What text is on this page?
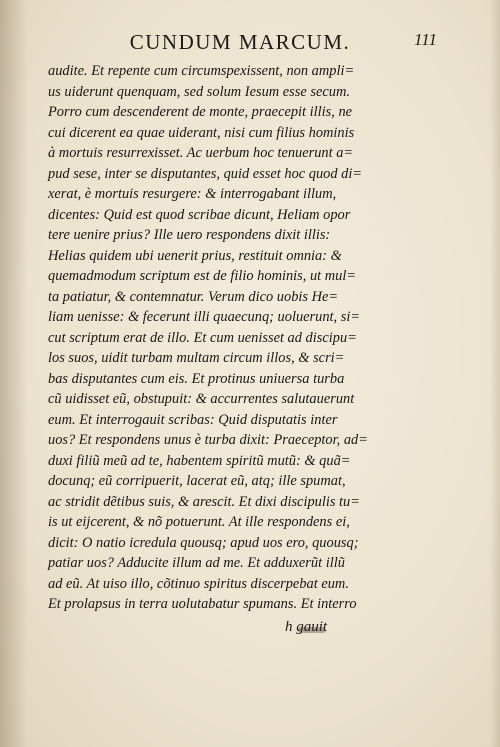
CUNDUM MARCUM.	111
audite. Et repente cum circumspexissent, non ampli=
us uiderunt quenquam, sed solum Iesum esse secum.
Porro cum descenderent de monte, praecepit illis, ne
cui dicerent ea quae uiderant, nisi cum filius hominis
à mortuis resurrexisset. Ac uerbum hoc tenuerunt a=
pud sese, inter se disputantes, quid esset hoc quod di=
xerat, è mortuis resurgere: & interrogabant illum,
dicentes: Quid est quod scribae dicunt, Heliam opor
tere uenire prius? Ille uero respondens dixit illis:
Helias quidem ubi uenerit prius, restituit omnia: &
quemadmodum scriptum est de filio hominis, ut mul=
ta patiatur, & contemnatur. Verum dico uobis He=
liam uenisse: & fecerunt illi quaecunq; uoluerunt, si=
cut scriptum erat de illo. Et cum uenisset ad discipu=
los suos, uidit turbam multam circum illos, & scri=
bas disputantes cum eis. Et protinus uniuersa turba
cũ uidisset eũ, obstupuit: & accurrentes salutauerunt
eum. Et interrogauit scribas: Quid disputatis inter
uos? Et respondens unus è turba dixit: Praeceptor, ad=
duxi filiũ meũ ad te, habentem spiritũ mutũ: & quã=
docunq; eũ corripuerit, lacerat eũ, atq; ille spumat,
ac stridit dẽtibus suis, & arescit. Et dixi discipulis tu=
is ut eijcerent, & nõ potuerunt. At ille respondens ei,
dicit: O natio icredula quousq; apud uos ero, quousq;
patiar uos? Adducite illum ad me. Et adduxerũt illũ
ad eũ. At uiso illo, cõtinuo spiritus discerpebat eum.
Et prolapsus in terra uolutabatur spumans. Et interro
h gauit
